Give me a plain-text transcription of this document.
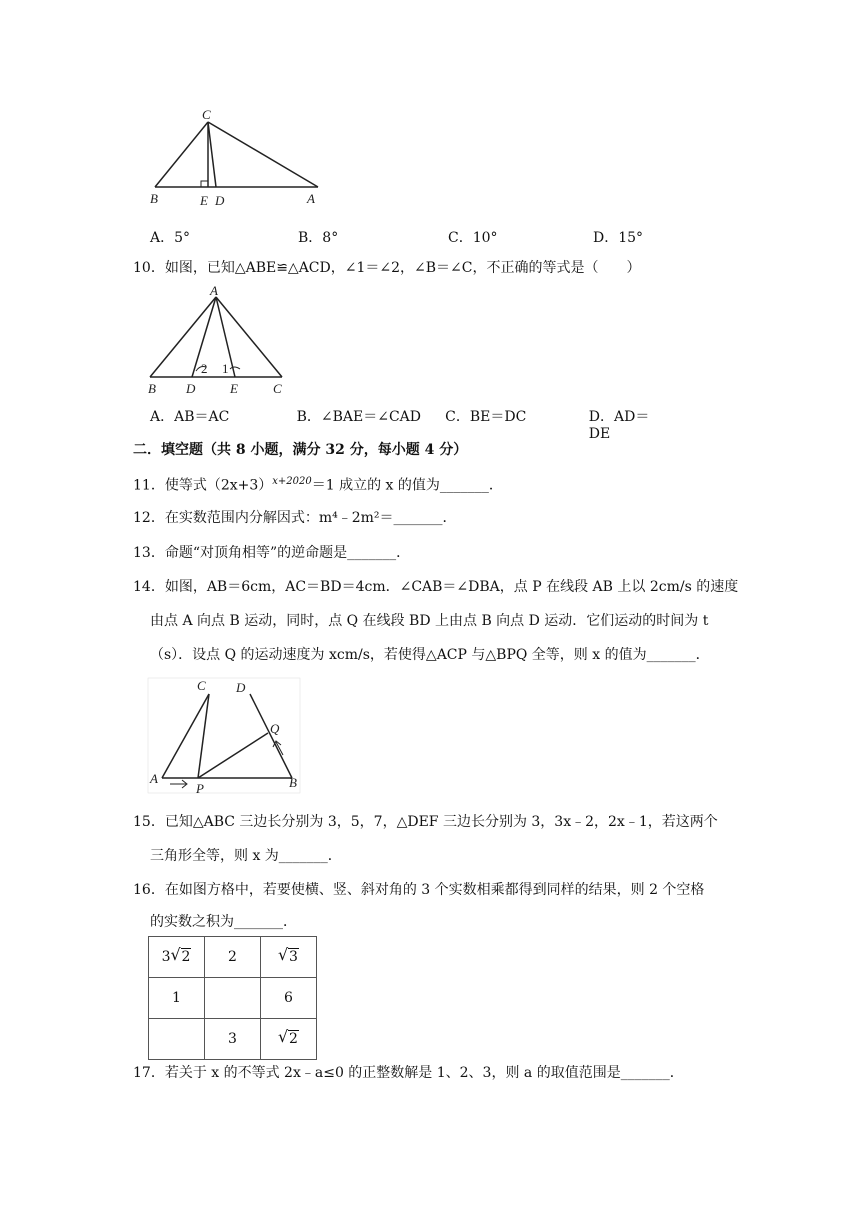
C
B	E D	A
A．5°	B．8°	C．10°	D．15°
10．如图，已知△ABE≌△ACD，∠1＝∠2，∠B＝∠C，不正确的等式是（　　）
A
B D	E	C
2 1
A．AB＝AC	B．∠BAE＝∠CAD	C．BE＝DC	D．AD＝DE
二．填空题（共 8 小题，满分 32 分，每小题 4 分）
11．使等式$(2x+3)^{x+2020}=1$ 成立的 x 的值为_______．
12．在实数范围内分解因式：m⁴﹣2m²＝_______．
13．命题“对顶角相等”的逆命题是_______．
14．如图，AB＝6cm，AC＝BD＝4cm．∠CAB＝∠DBA，点 P 在线段 AB 上以 2cm/s 的速度
由点 A 向点 B 运动，同时，点 Q 在线段 BD 上由点 B 向点 D 运动．它们运动的时间为 t
（s）．设点 Q 的运动速度为 xcm/s，若使得△ACP 与△BPQ 全等，则 x 的值为_______．
C D
Q
A
P	B
15．已知△ABC 三边长分别为 3，5，7，△DEF 三边长分别为 3，3x﹣2，2x﹣1，若这两个
三角形全等，则 x 为_______．
16．在如图方格中，若要使横、竖、斜对角的 3 个实数相乘都得到同样的结果，则 2 个空格
的实数之积为_______．
3 √ 2	2	√ 3
1		6
	3	√ 2
17．若关于 x 的不等式 2x﹣a≤0 的正整数解是 1、2、3，则 a 的取值范围是_______．
